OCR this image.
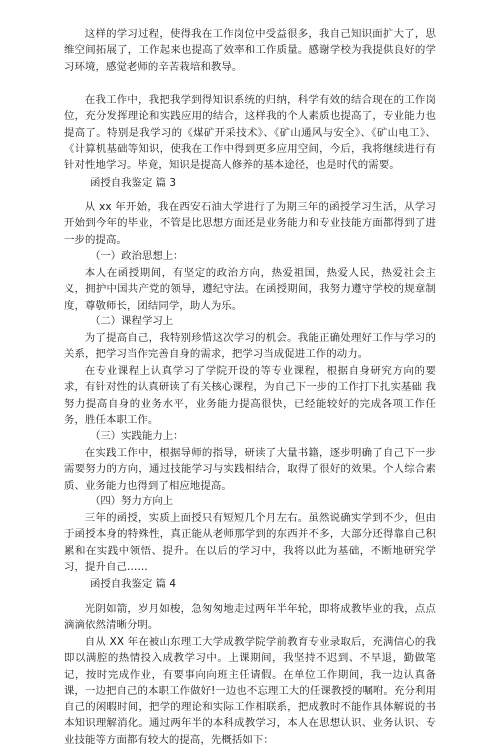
这样的学习过程，使得我在工作岗位中受益很多，我自己知识面扩大了，思维空间拓展了，工作起来也提高了效率和工作质量。感谢学校为我提供良好的学习环境，感觉老师的辛苦栽培和教导。

在我工作中，我把我学到得知识系统的归纳，科学有效的结合现在的工作岗位，充分发挥理论和实践应用的结合，这样我的个人素质也提高了，专业能力也提高了。特别是我学习的《煤矿开采技术》、《矿山通风与安全》、《矿山电工》、《计算机基础等知识，使我在工作中得到更多应用空间，今后，我将继续进行有针对性地学习。毕竟，知识是提高人修养的基本途径，也是时代的需要。

函授自我鉴定 篇 3

从 xx 年开始，我在西安石油大学进行了为期三年的函授学习生活，从学习开始到今年的毕业，不管是比思想方面还是业务能力和专业技能方面都得到了进一步的提高。

（一）政治思想上：

本人在函授期间，有坚定的政治方向，热爱祖国，热爱人民，热爱社会主义，拥护中国共产党的领导，遵纪守法。在函授期间，我努力遵守学校的规章制度，尊敬师长，团结同学，助人为乐。

（二）课程学习上

为了提高自己，我特别珍惜这次学习的机会。我能正确处理好工作与学习的关系，把学习当作完善自身的需求，把学习当成促进工作的动力。

在专业课程上认真学习了学院开设的等专业课程，根据自身研究方向的要求，有针对性的认真研读了有关核心课程，为自己下一步的工作打下扎实基础 我努力提高自身的业务水平，业务能力提高很快，已经能较好的完成各项工作任务，胜任本职工作。

（三）实践能力上：

在实践工作中，根据导师的指导，研读了大量书籍，逐步明确了自己下一步需要努力的方向，通过技能学习与实践相结合，取得了很好的效果。个人综合素质、业务能力也得到了相应地提高。

（四）努力方向上

三年的函授，实质上面授只有短短几个月左右。虽然说确实学到不少，但由于函授本身的特殊性，真正能从老师那学到的东西并不多，大部分还得靠自己积累和在实践中领悟、提升。在以后的学习中，我将以此为基础，不断地研究学习，提升自己……

函授自我鉴定 篇 4

光阴如箭，岁月如梭，急匆匆地走过两年半年轮，即将成教毕业的我，点点滴滴依然清晰分明。

自从 XX 年在被山东理工大学成教学院学前教育专业录取后，充满信心的我即以满腔的热情投入成教学习中。上课期间，我坚持不迟到、不早退，勤做笔记，按时完成作业，有要事向向班主任请假。在单位工作期间，我一边认真备课，一边把自己的本职工作做好!一边也不忘理工大的任课教授的嘱咐。充分利用自己的闲暇时间，把学的理论和实际工作相联系，把成教时不能作具体解说的书本知识理解消化。通过两年半的本科成教学习，本人在思想认识、业务认识、专业技能等方面都有较大的提高，先概括如下：
